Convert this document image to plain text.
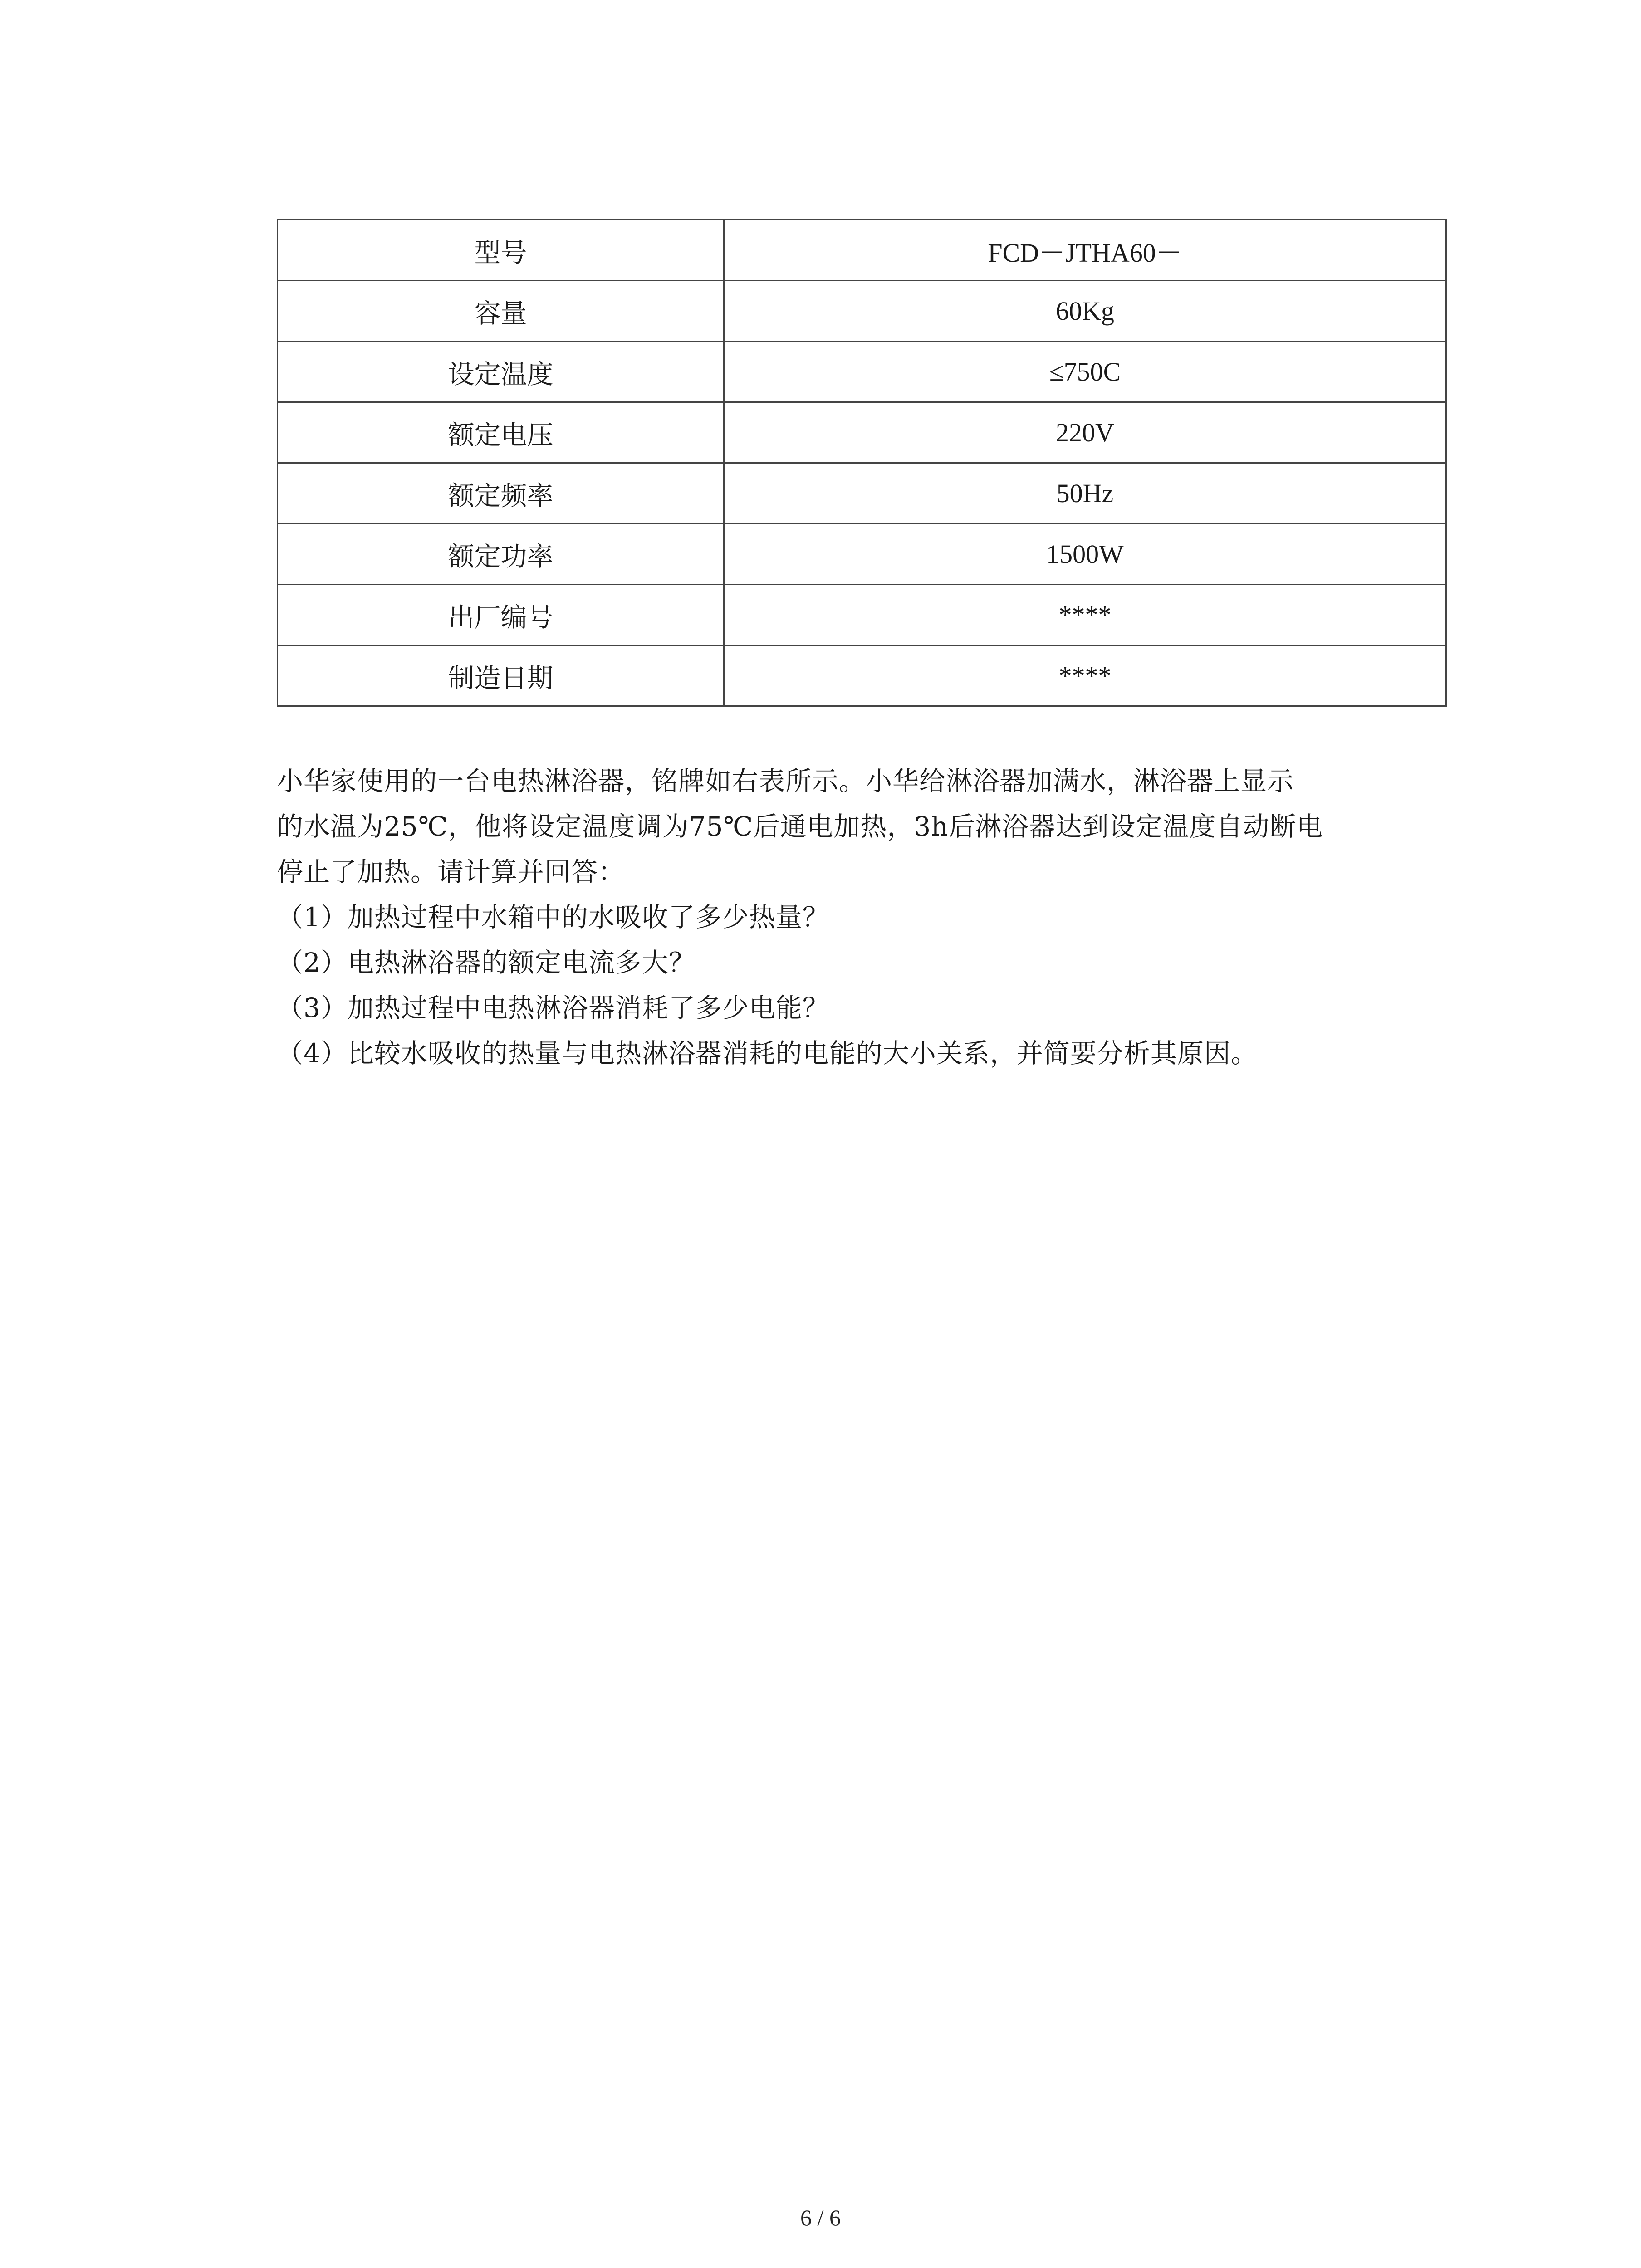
型号	FCD－JTHA60－
容量	60Kg
设定温度	≤750C
额定电压	220V
额定频率	50Hz
额定功率	1500W
出厂编号	****
制造日期	****

小华家使用的一台电热淋浴器，铭牌如右表所示。小华给淋浴器加满水，淋浴器上显示

的水温为25℃，他将设定温度调为75℃后通电加热，3h后淋浴器达到设定温度自动断电

停止了加热。请计算并回答：

（1）加热过程中水箱中的水吸收了多少热量？

（2）电热淋浴器的额定电流多大？

（3）加热过程中电热淋浴器消耗了多少电能？

（4）比较水吸收的热量与电热淋浴器消耗的电能的大小关系，并简要分析其原因。

6 / 6
